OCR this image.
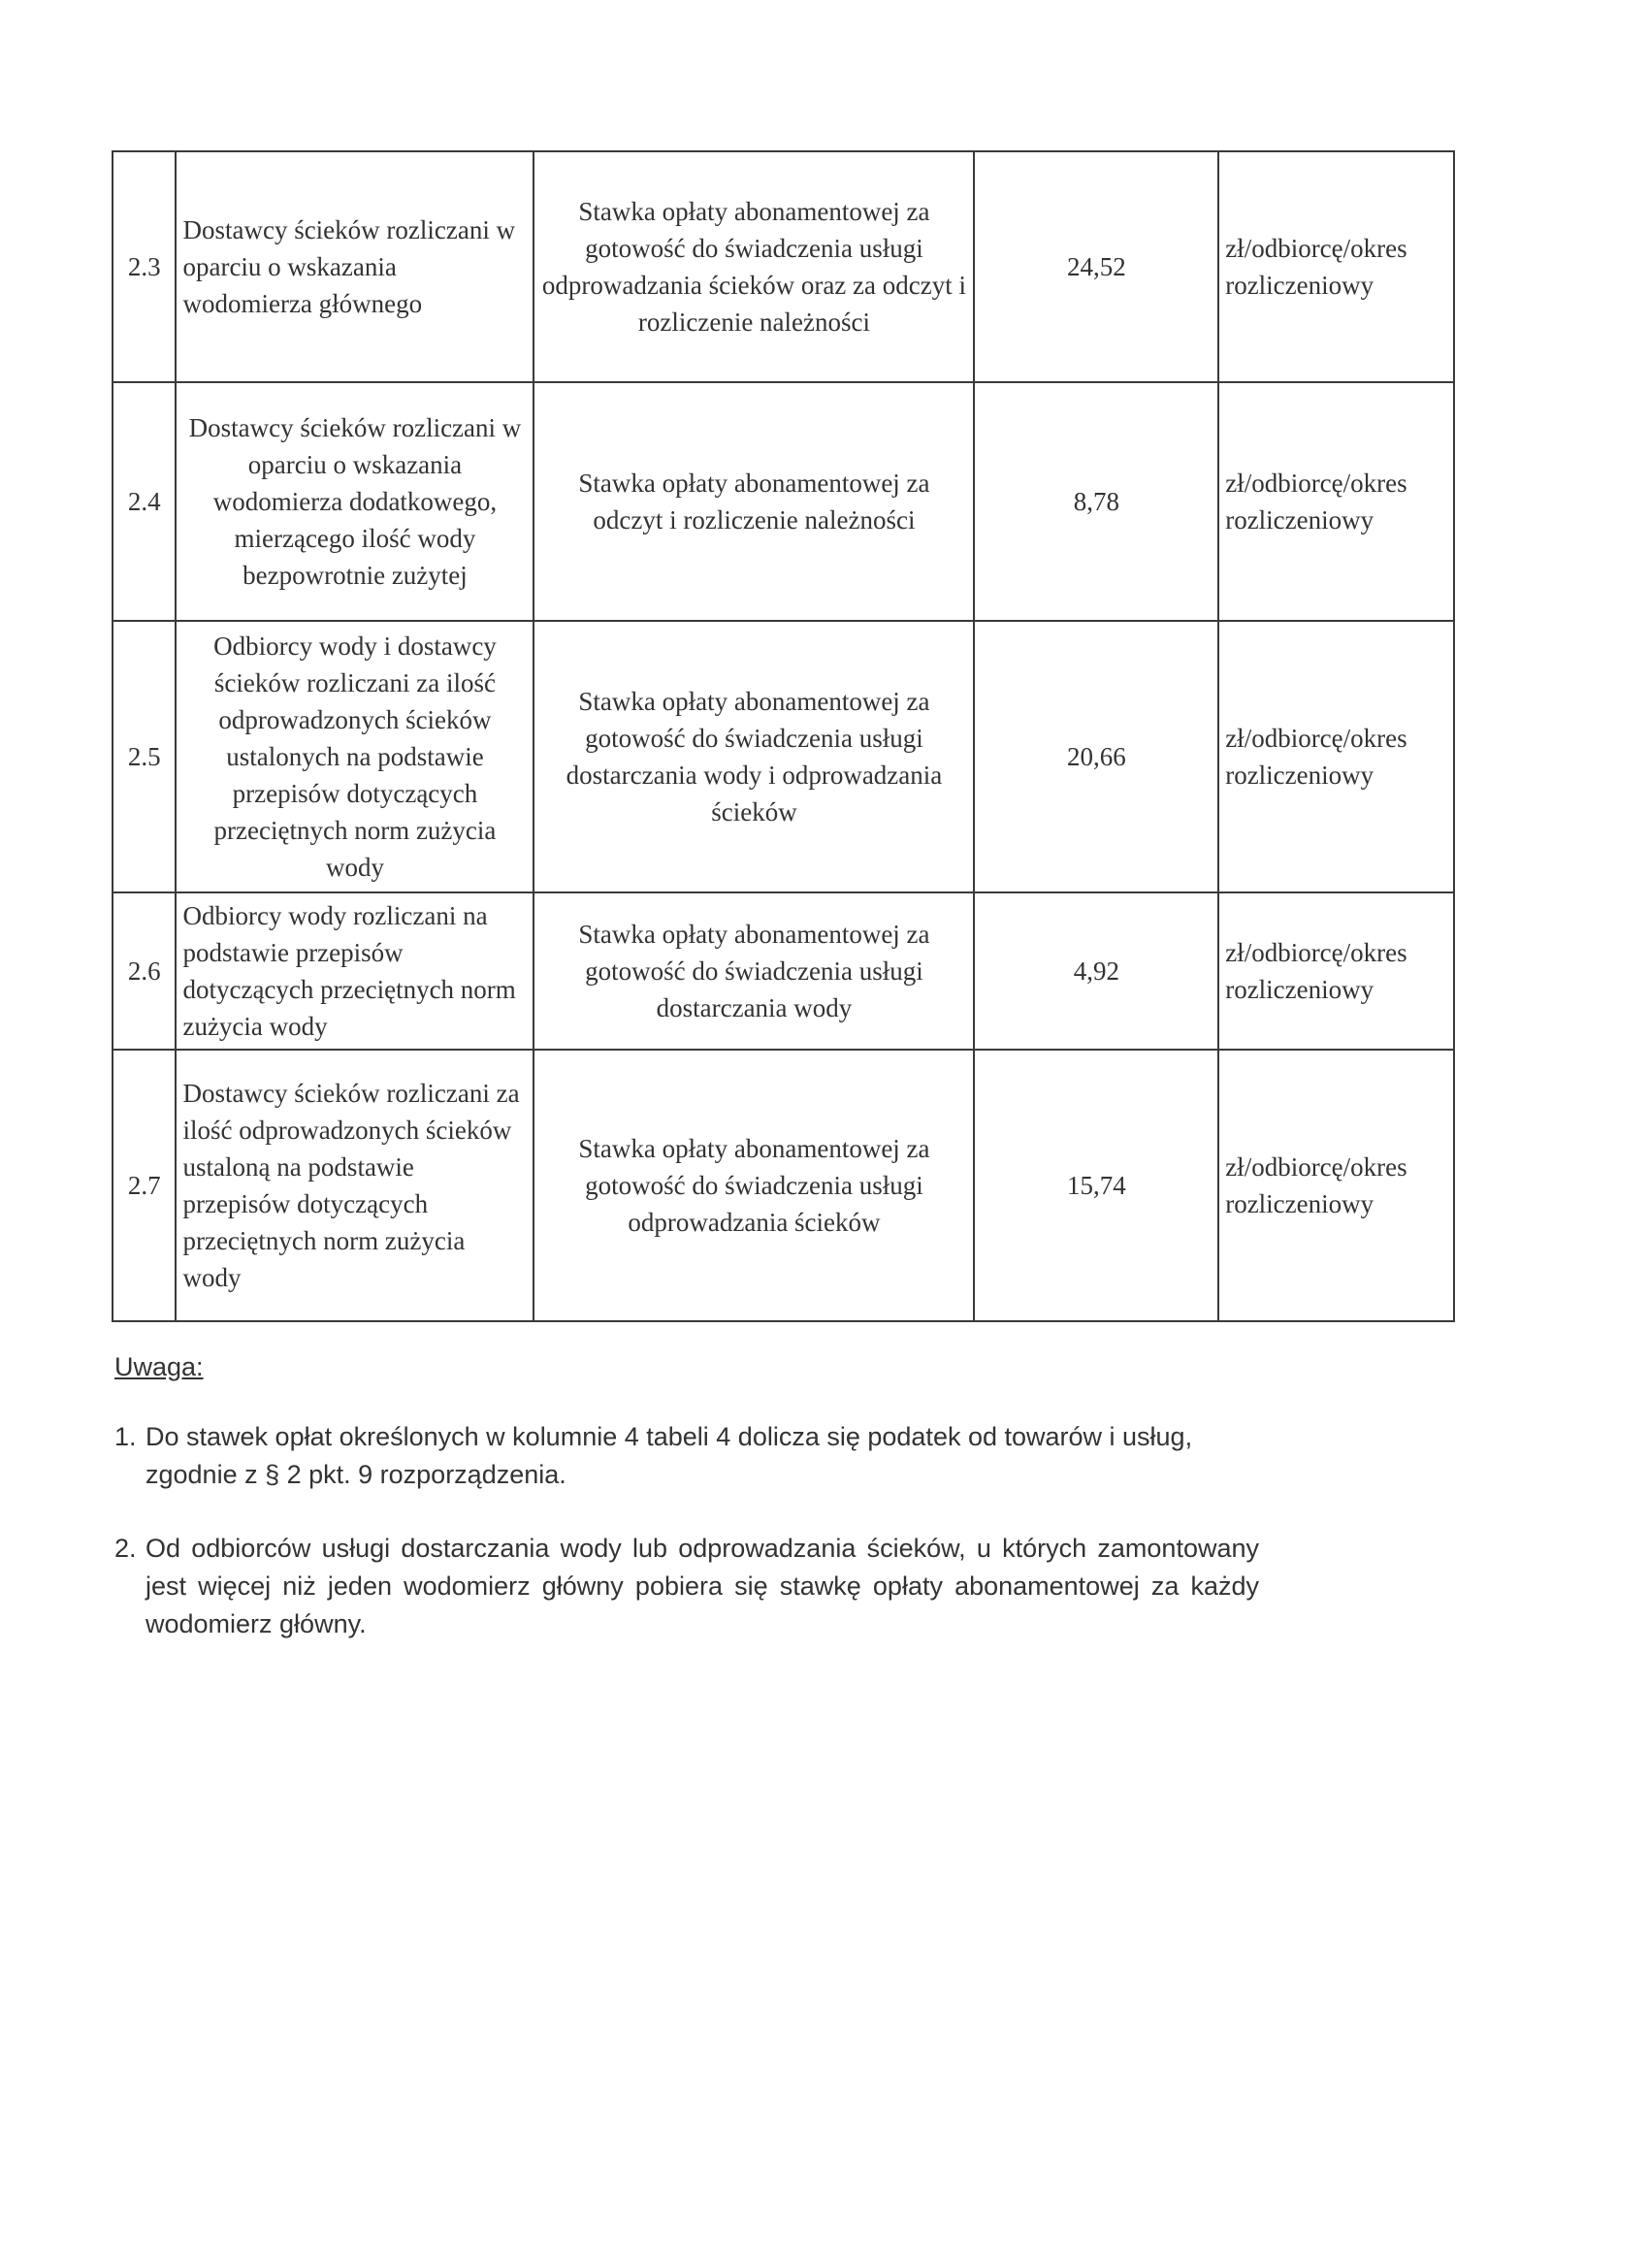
2.3	Dostawcy ścieków rozliczani w oparciu o wskazania wodomierza głównego	Stawka opłaty abonamentowej za gotowość do świadczenia usługi odprowadzania ścieków oraz za odczyt i rozliczenie należności	24,52	zł/odbiorcę/okres rozliczeniowy
2.4	Dostawcy ścieków rozliczani w oparciu o wskazania wodomierza dodatkowego, mierzącego ilość wody bezpowrotnie zużytej	Stawka opłaty abonamentowej za odczyt i rozliczenie należności	8,78	zł/odbiorcę/okres rozliczeniowy
2.5	Odbiorcy wody i dostawcy ścieków rozliczani za ilość odprowadzonych ścieków ustalonych na podstawie przepisów dotyczących przeciętnych norm zużycia wody	Stawka opłaty abonamentowej za gotowość do świadczenia usługi dostarczania wody i odprowadzania ścieków	20,66	zł/odbiorcę/okres rozliczeniowy
2.6	Odbiorcy wody rozliczani na podstawie przepisów dotyczących przeciętnych norm zużycia wody	Stawka opłaty abonamentowej za gotowość do świadczenia usługi dostarczania wody	4,92	zł/odbiorcę/okres rozliczeniowy
2.7	Dostawcy ścieków rozliczani za ilość odprowadzonych ścieków ustaloną na podstawie przepisów dotyczących przeciętnych norm zużycia wody	Stawka opłaty abonamentowej za gotowość do świadczenia usługi odprowadzania ścieków	15,74	zł/odbiorcę/okres rozliczeniowy
Uwaga:
1. Do stawek opłat określonych w kolumnie 4 tabeli 4 dolicza się podatek od towarów i usług, zgodnie z § 2 pkt. 9 rozporządzenia.

2. Od odbiorców usługi dostarczania wody lub odprowadzania ścieków, u których zamontowany jest więcej niż jeden wodomierz główny pobiera się stawkę opłaty abonamentowej za każdy wodomierz główny.
